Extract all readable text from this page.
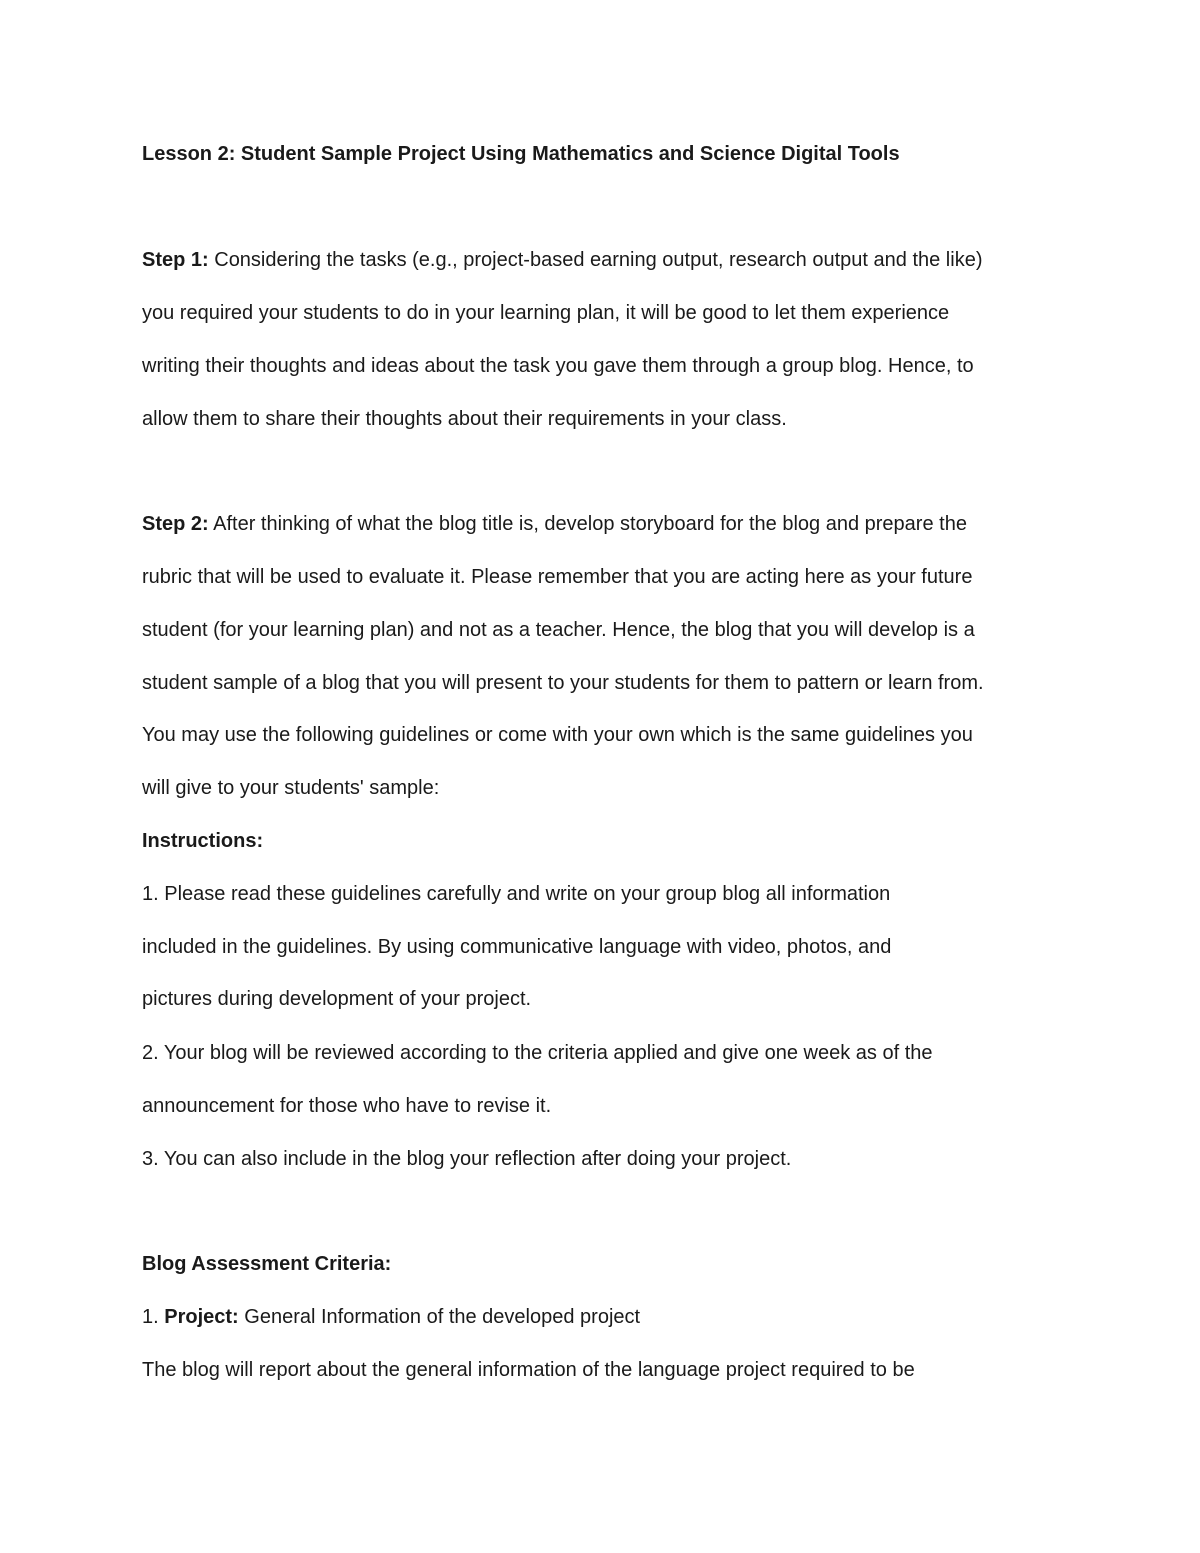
Lesson 2: Student Sample Project Using Mathematics and Science Digital Tools
Step 1: Considering the tasks (e.g., project-based earning output, research output and the like)
you required your students to do in your learning plan, it will be good to let them experience
writing their thoughts and ideas about the task you gave them through a group blog. Hence, to
allow them to share their thoughts about their requirements in your class.
Step 2: After thinking of what the blog title is, develop storyboard for the blog and prepare the
rubric that will be used to evaluate it. Please remember that you are acting here as your future
student (for your learning plan) and not as a teacher. Hence, the blog that you will develop is a
student sample of a blog that you will present to your students for them to pattern or learn from.
You may use the following guidelines or come with your own which is the same guidelines you
will give to your students' sample:
Instructions:
1. Please read these guidelines carefully and write on your group blog all information
included in the guidelines. By using communicative language with video, photos, and
pictures during development of your project.
2. Your blog will be reviewed according to the criteria applied and give one week as of the
announcement for those who have to revise it.
3. You can also include in the blog your reflection after doing your project.
Blog Assessment Criteria:
1. Project: General Information of the developed project
The blog will report about the general information of the language project required to be
